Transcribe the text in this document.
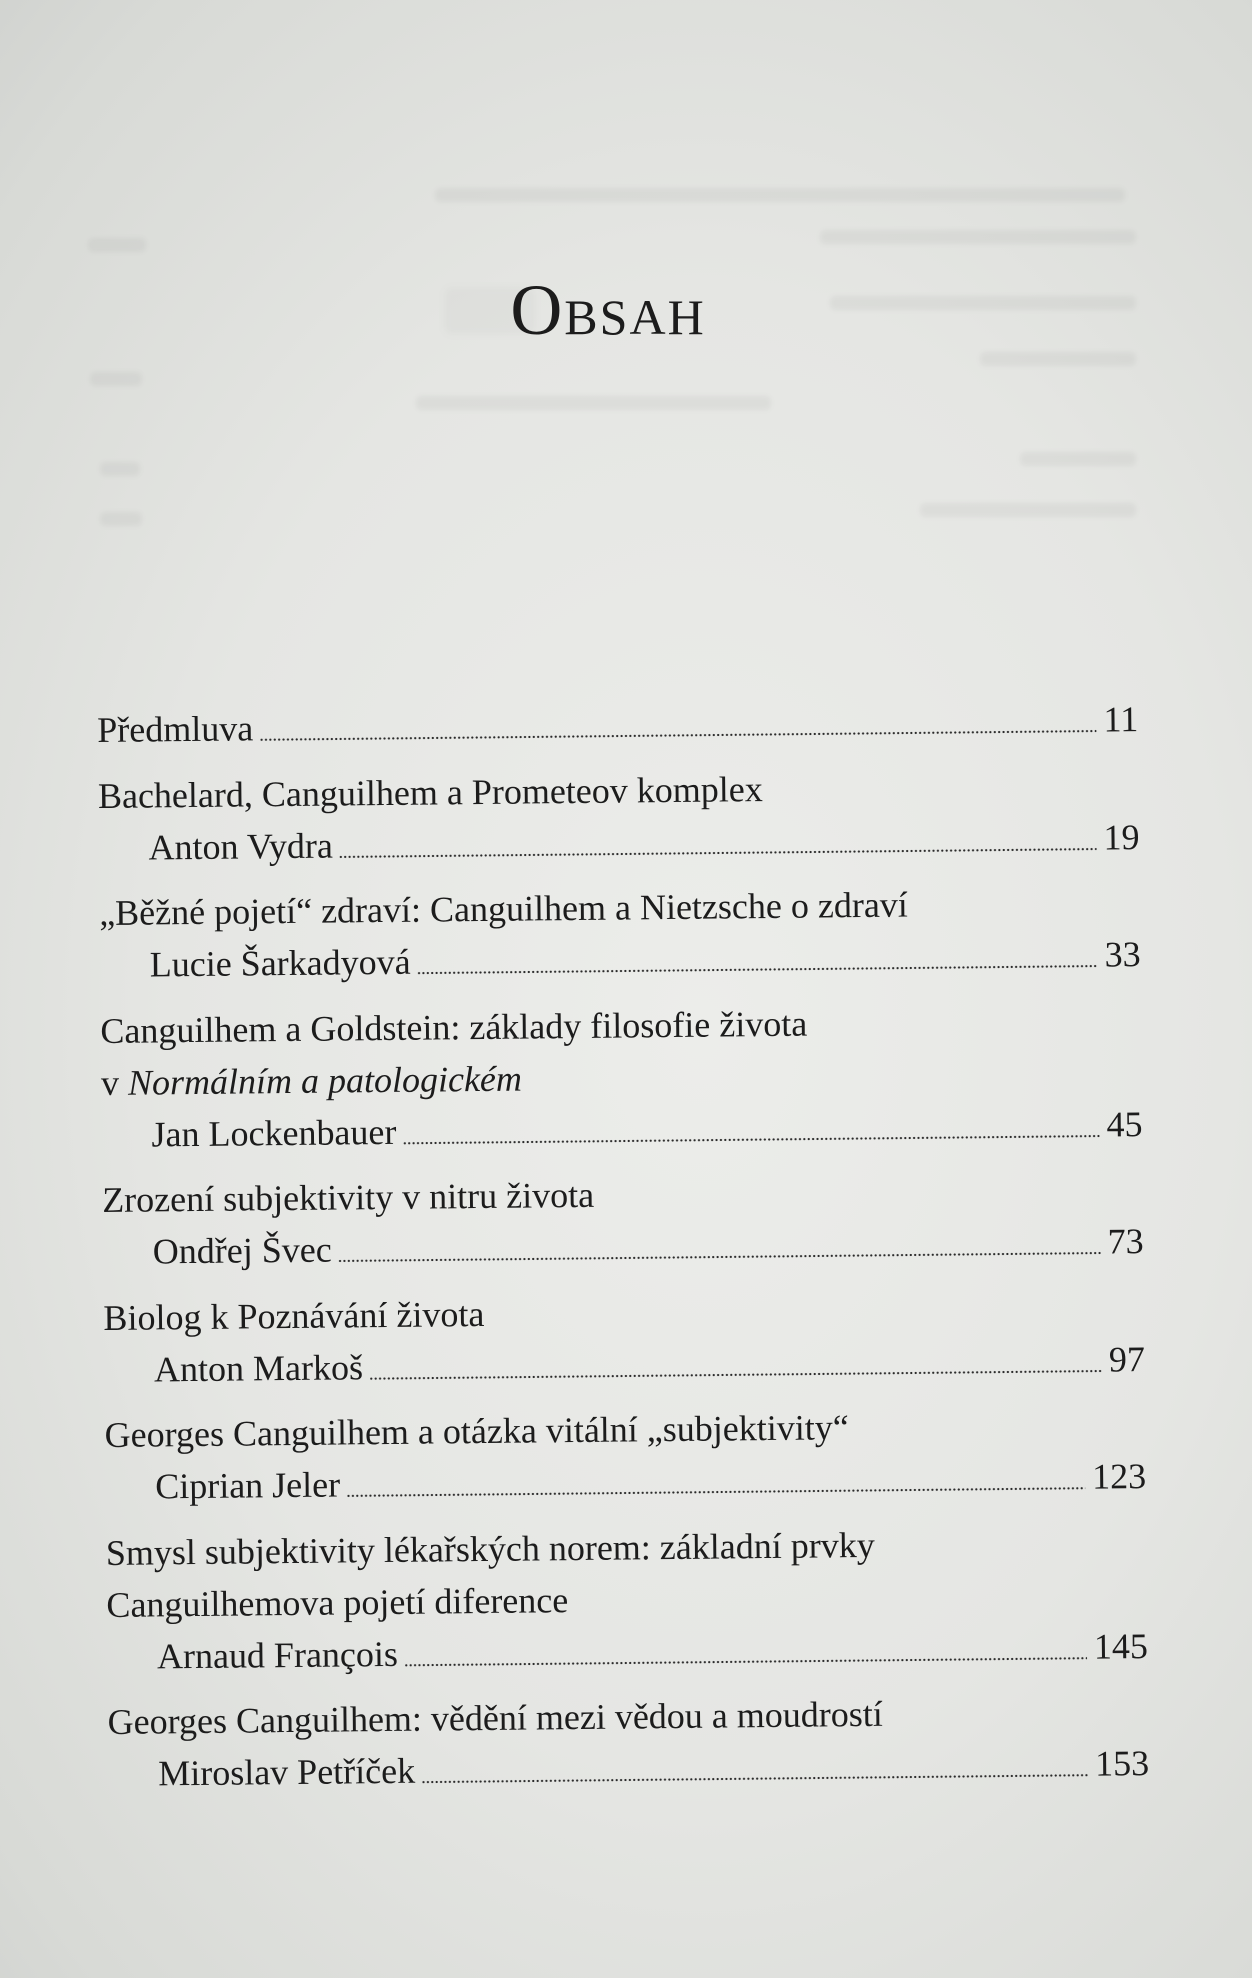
Obsah
Předmluva	11
Bachelard, Canguilhem a Prometeov komplex
Anton Vydra	19
„Běžné pojetí“ zdraví: Canguilhem a Nietzsche o zdraví
Lucie Šarkadyová	33
Canguilhem a Goldstein: základy filosofie života
v Normálním a patologickém
Jan Lockenbauer	45
Zrození subjektivity v nitru života
Ondřej Švec	73
Biolog k Poznávání života
Anton Markoš	97
Georges Canguilhem a otázka vitální „subjektivity“
Ciprian Jeler	123
Smysl subjektivity lékařských norem: základní prvky
Canguilhemova pojetí diference
Arnaud François	145
Georges Canguilhem: vědění mezi vědou a moudrostí
Miroslav Petříček	153
